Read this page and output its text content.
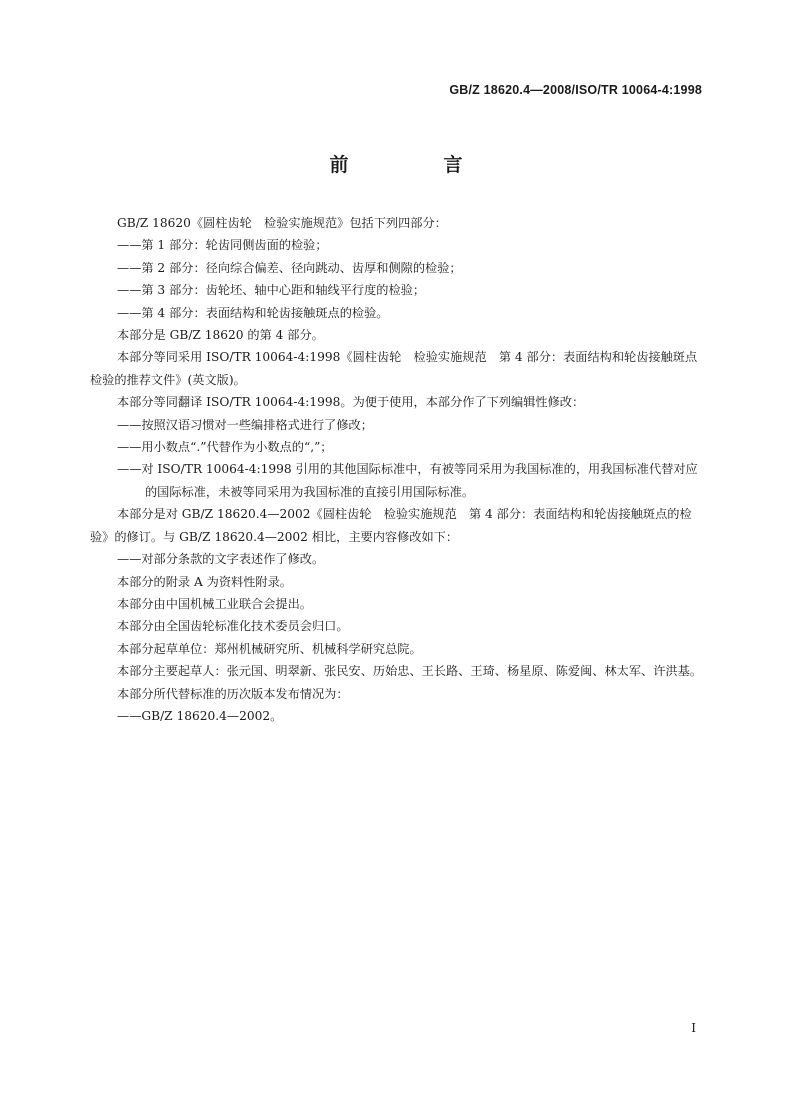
GB/Z 18620.4—2008/ISO/TR 10064-4:1998
前　言

GB/Z 18620《圆柱齿轮　检验实施规范》包括下列四部分：

——第 1 部分：轮齿同侧齿面的检验；

——第 2 部分：径向综合偏差、径向跳动、齿厚和侧隙的检验；

——第 3 部分：齿轮坯、轴中心距和轴线平行度的检验；

——第 4 部分：表面结构和轮齿接触斑点的检验。

本部分是 GB/Z 18620 的第 4 部分。

本部分等同采用 ISO/TR 10064-4:1998《圆柱齿轮　检验实施规范　第 4 部分：表面结构和轮齿接触斑点检验的推荐文件》(英文版)。

本部分等同翻译 ISO/TR 10064-4:1998。为便于使用，本部分作了下列编辑性修改：

——按照汉语习惯对一些编排格式进行了修改；

——用小数点“.”代替作为小数点的“,”；

——对 ISO/TR 10064-4:1998 引用的其他国际标准中，有被等同采用为我国标准的，用我国标准代替对应的国际标准，未被等同采用为我国标准的直接引用国际标准。

本部分是对 GB/Z 18620.4—2002《圆柱齿轮　检验实施规范　第 4 部分：表面结构和轮齿接触斑点的检验》的修订。与 GB/Z 18620.4—2002 相比，主要内容修改如下：

——对部分条款的文字表述作了修改。

本部分的附录 A 为资料性附录。

本部分由中国机械工业联合会提出。

本部分由全国齿轮标准化技术委员会归口。

本部分起草单位：郑州机械研究所、机械科学研究总院。

本部分主要起草人：张元国、明翠新、张民安、历始忠、王长路、王琦、杨星原、陈爱闽、林太军、许洪基。

本部分所代替标准的历次版本发布情况为：

——GB/Z 18620.4—2002。

I
